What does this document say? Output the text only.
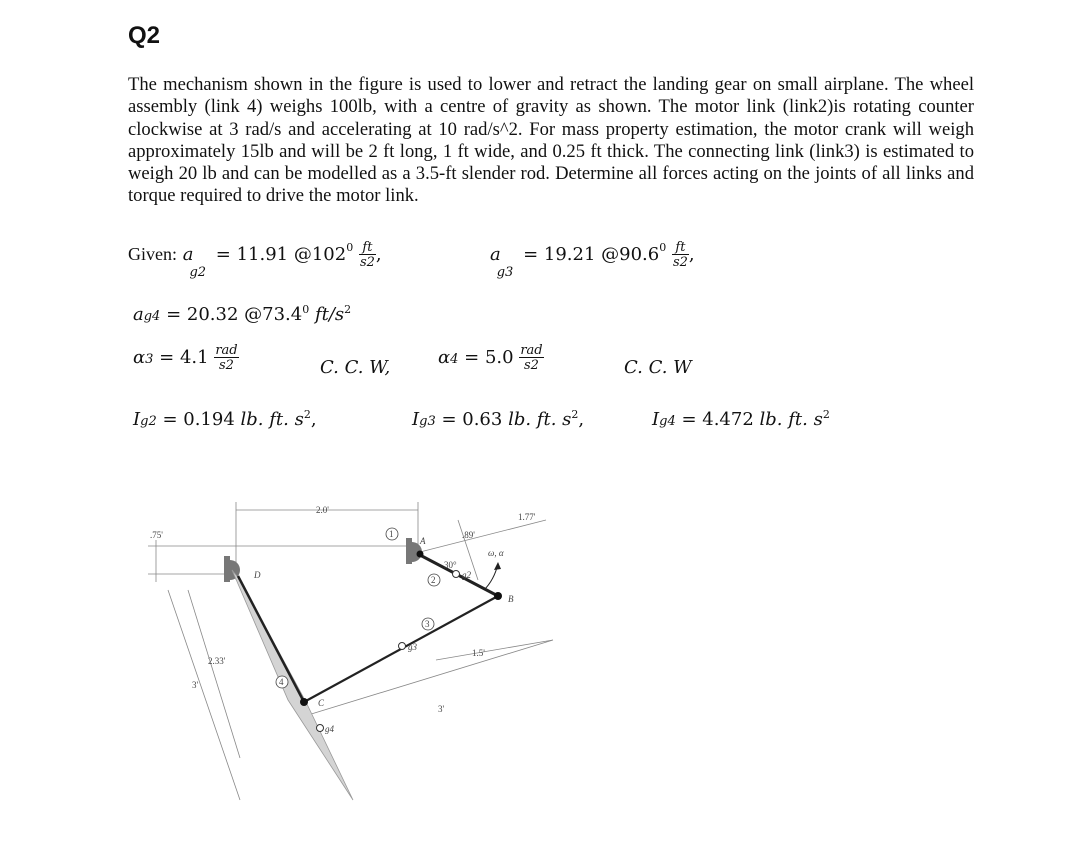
Q2
The mechanism shown in the figure is used to lower and retract the landing gear on small airplane. The wheel assembly (link 4) weighs 100lb, with a centre of gravity as shown. The motor link (link2)is rotating counter clockwise at 3 rad/s and accelerating at 10 rad/s^2. For mass property estimation, the motor crank will weigh approximately 15lb and will be 2 ft long, 1 ft wide, and 0.25 ft thick. The connecting link (link3) is estimated to weigh 20 lb and can be modelled as a 3.5-ft slender rod. Determine all forces acting on the joints of all links and torque required to drive the motor link.
Given: $a_{g2} = 11.91$ $@102^0 \frac{ft}{s2}$ ,	$a_{g3} = 19.21$ @90.6$^0$ $\frac{ft}{s2}$ ,
ag4 = 20.32 @73.4$^0$ $ft/s^2$
$\alpha 3 = 4.1 \frac{\text{rad}}{s2}$	C. C. W,	$\alpha 4 = 5.0 \frac{\text{rad}}{s2}$	C. C. W
Ig2 = 0.194 lb. ft. $s^2$,	Ig3 = 0.63 lb. ft. $s^2$,	Ig4 = 4.472 lb. ft. $s^2$
1
2
3
4
D
A
B
C
g2
g3
g4
2.0'
1.77'
.75'	.89'
2.33'
3'
1.5'
3'
30°
ω, α
